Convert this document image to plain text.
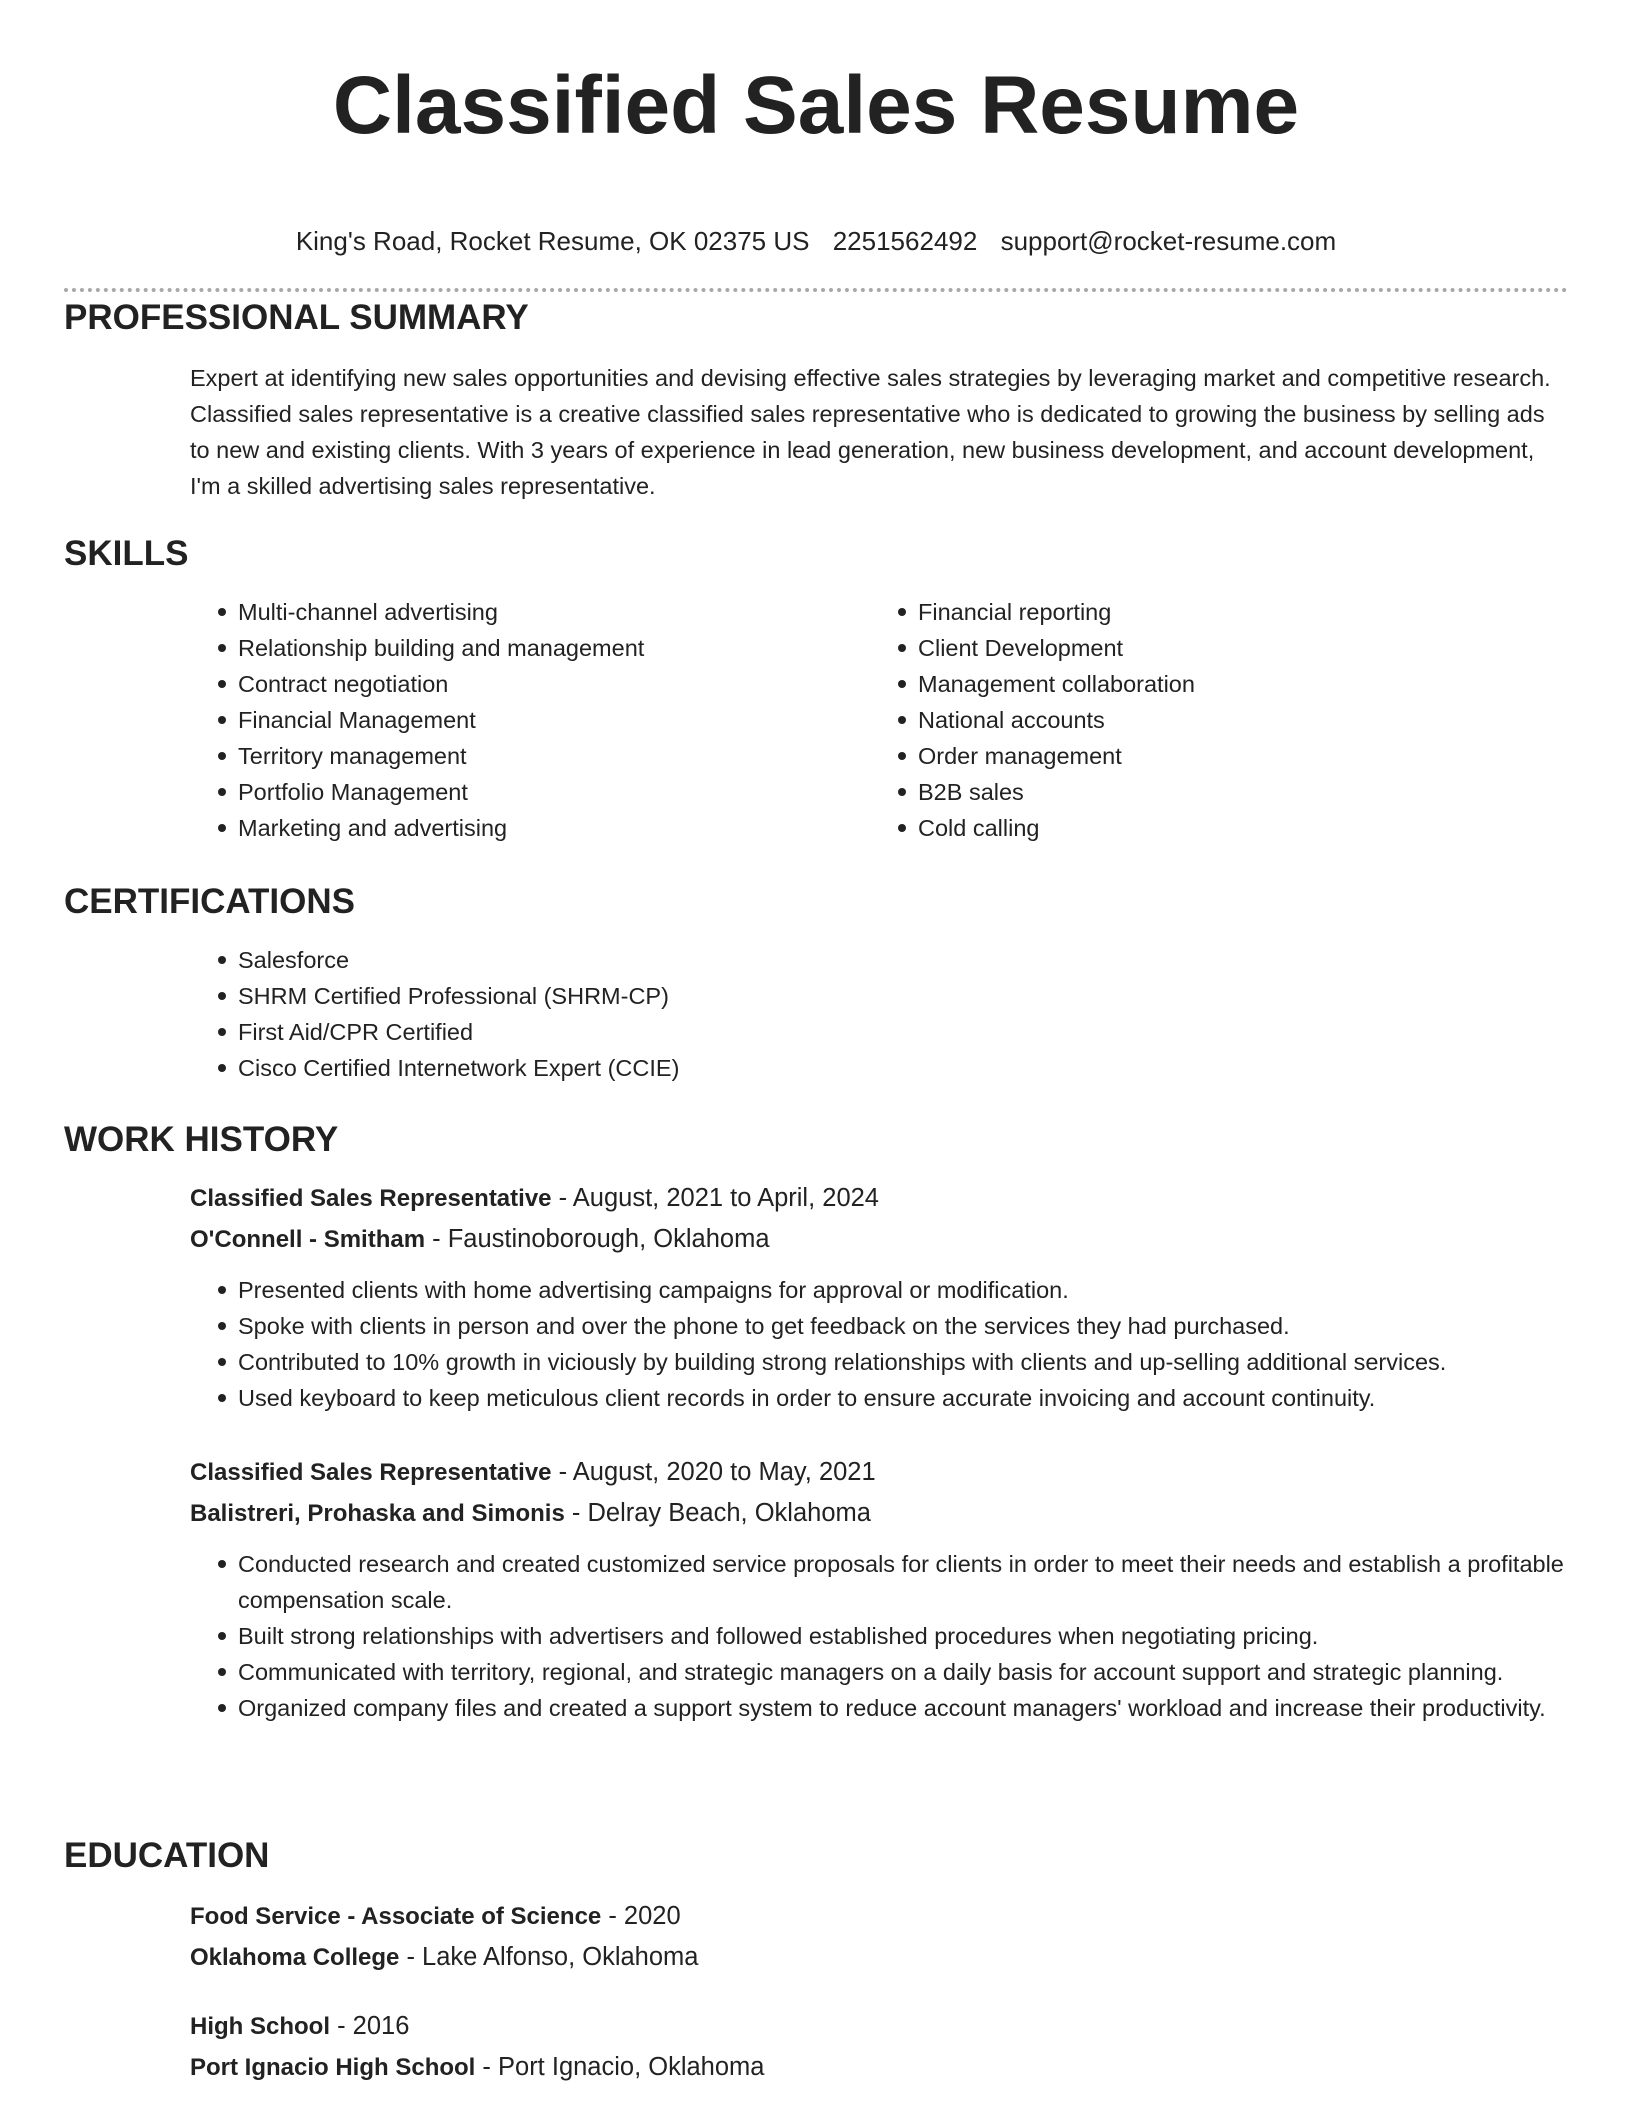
Classified Sales Resume
King's Road, Rocket Resume, OK 02375 US 2251562492 support@rocket-resume.com
PROFESSIONAL SUMMARY

Expert at identifying new sales opportunities and devising effective sales strategies by leveraging market and competitive research. Classified sales representative is a creative classified sales representative who is dedicated to growing the business by selling ads to new and existing clients. With 3 years of experience in lead generation, new business development, and account development, I'm a skilled advertising sales representative.

SKILLS
Multi-channel advertising
Relationship building and management
Contract negotiation
Financial Management
Territory management
Portfolio Management
Marketing and advertising
Financial reporting
Client Development
Management collaboration
National accounts
Order management
B2B sales
Cold calling
CERTIFICATIONS
Salesforce
SHRM Certified Professional (SHRM-CP)
First Aid/CPR Certified
Cisco Certified Internetwork Expert (CCIE)
WORK HISTORY
Classified Sales Representative - August, 2021 to April, 2024
O'Connell - Smitham - Faustinoborough, Oklahoma
Presented clients with home advertising campaigns for approval or modification.
Spoke with clients in person and over the phone to get feedback on the services they had purchased.
Contributed to 10% growth in viciously by building strong relationships with clients and up-selling additional services.
Used keyboard to keep meticulous client records in order to ensure accurate invoicing and account continuity.
Classified Sales Representative - August, 2020 to May, 2021
Balistreri, Prohaska and Simonis - Delray Beach, Oklahoma
Conducted research and created customized service proposals for clients in order to meet their needs and establish a profitable compensation scale.
Built strong relationships with advertisers and followed established procedures when negotiating pricing.
Communicated with territory, regional, and strategic managers on a daily basis for account support and strategic planning.
Organized company files and created a support system to reduce account managers' workload and increase their productivity.
EDUCATION
Food Service - Associate of Science - 2020
Oklahoma College - Lake Alfonso, Oklahoma
High School - 2016
Port Ignacio High School - Port Ignacio, Oklahoma
